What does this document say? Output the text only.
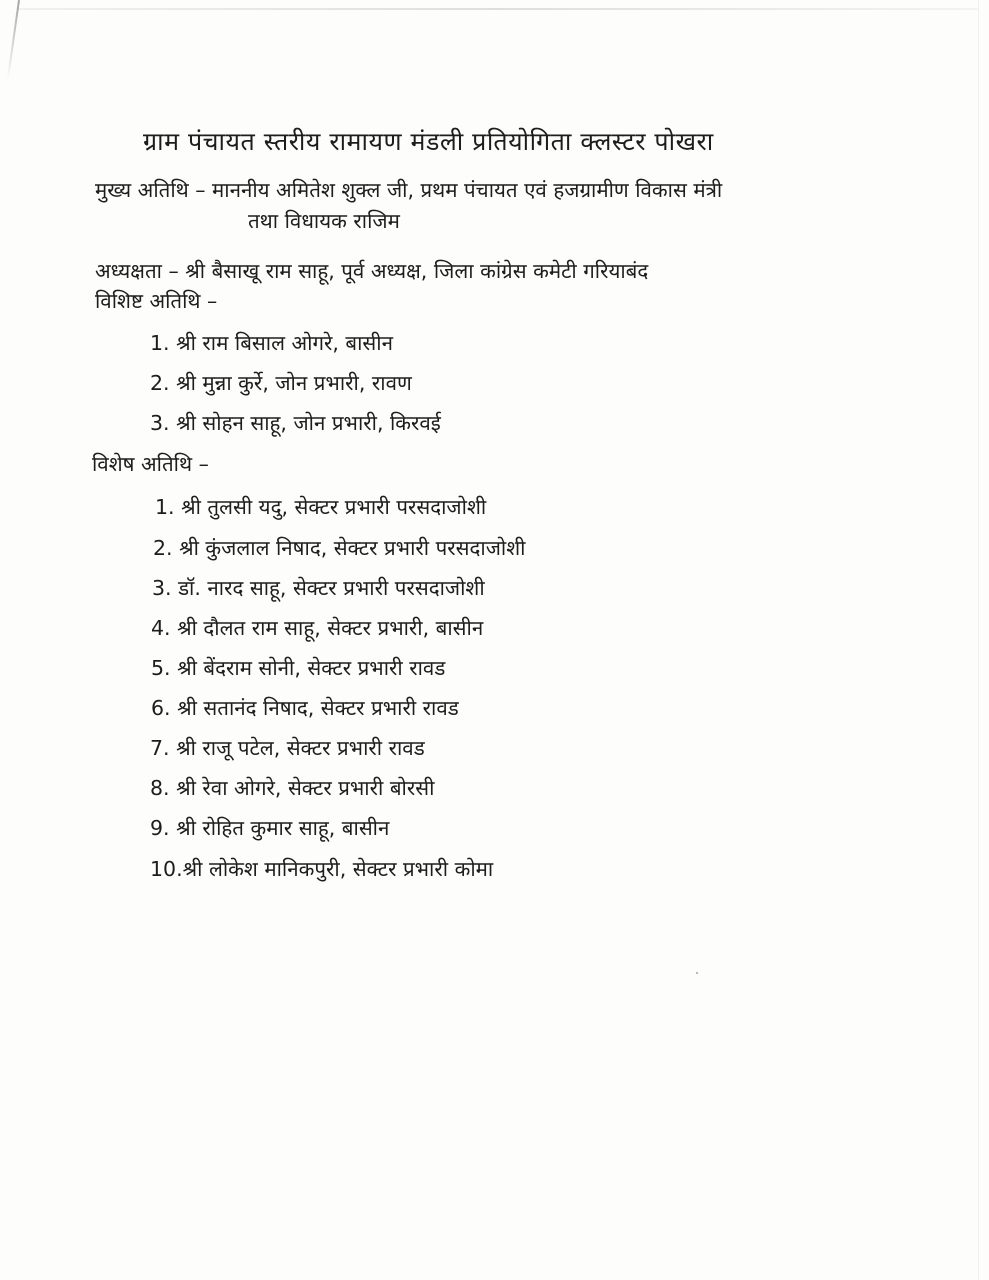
ग्राम पंचायत स्तरीय रामायण मंडली प्रतियोगिता क्लस्टर पोखरा
मुख्य अतिथि – माननीय अमितेश शुक्ल जी, प्रथम पंचायत एवं हजग्रामीण विकास मंत्री
तथा विधायक राजिम
अध्यक्षता – श्री बैसाखू राम साहू, पूर्व अध्यक्ष, जिला कांग्रेस कमेटी गरियाबंद
विशिष्ट अतिथि –
1. श्री राम बिसाल ओगरे, बासीन
2. श्री मुन्ना कुर्रे, जोन प्रभारी, रावण
3. श्री सोहन साहू, जोन प्रभारी, किरवई
विशेष अतिथि –
1. श्री तुलसी यदु, सेक्टर प्रभारी परसदाजोशी
2. श्री कुंजलाल निषाद, सेक्टर प्रभारी परसदाजोशी
3. डॉ. नारद साहू, सेक्टर प्रभारी परसदाजोशी
4. श्री दौलत राम साहू, सेक्टर प्रभारी, बासीन
5. श्री बेंदराम सोनी, सेक्टर प्रभारी रावड
6. श्री सतानंद निषाद, सेक्टर प्रभारी रावड
7. श्री राजू पटेल, सेक्टर प्रभारी रावड
8. श्री रेवा ओगरे, सेक्टर प्रभारी बोरसी
9. श्री रोहित कुमार साहू, बासीन
10.श्री लोकेश मानिकपुरी, सेक्टर प्रभारी कोमा
